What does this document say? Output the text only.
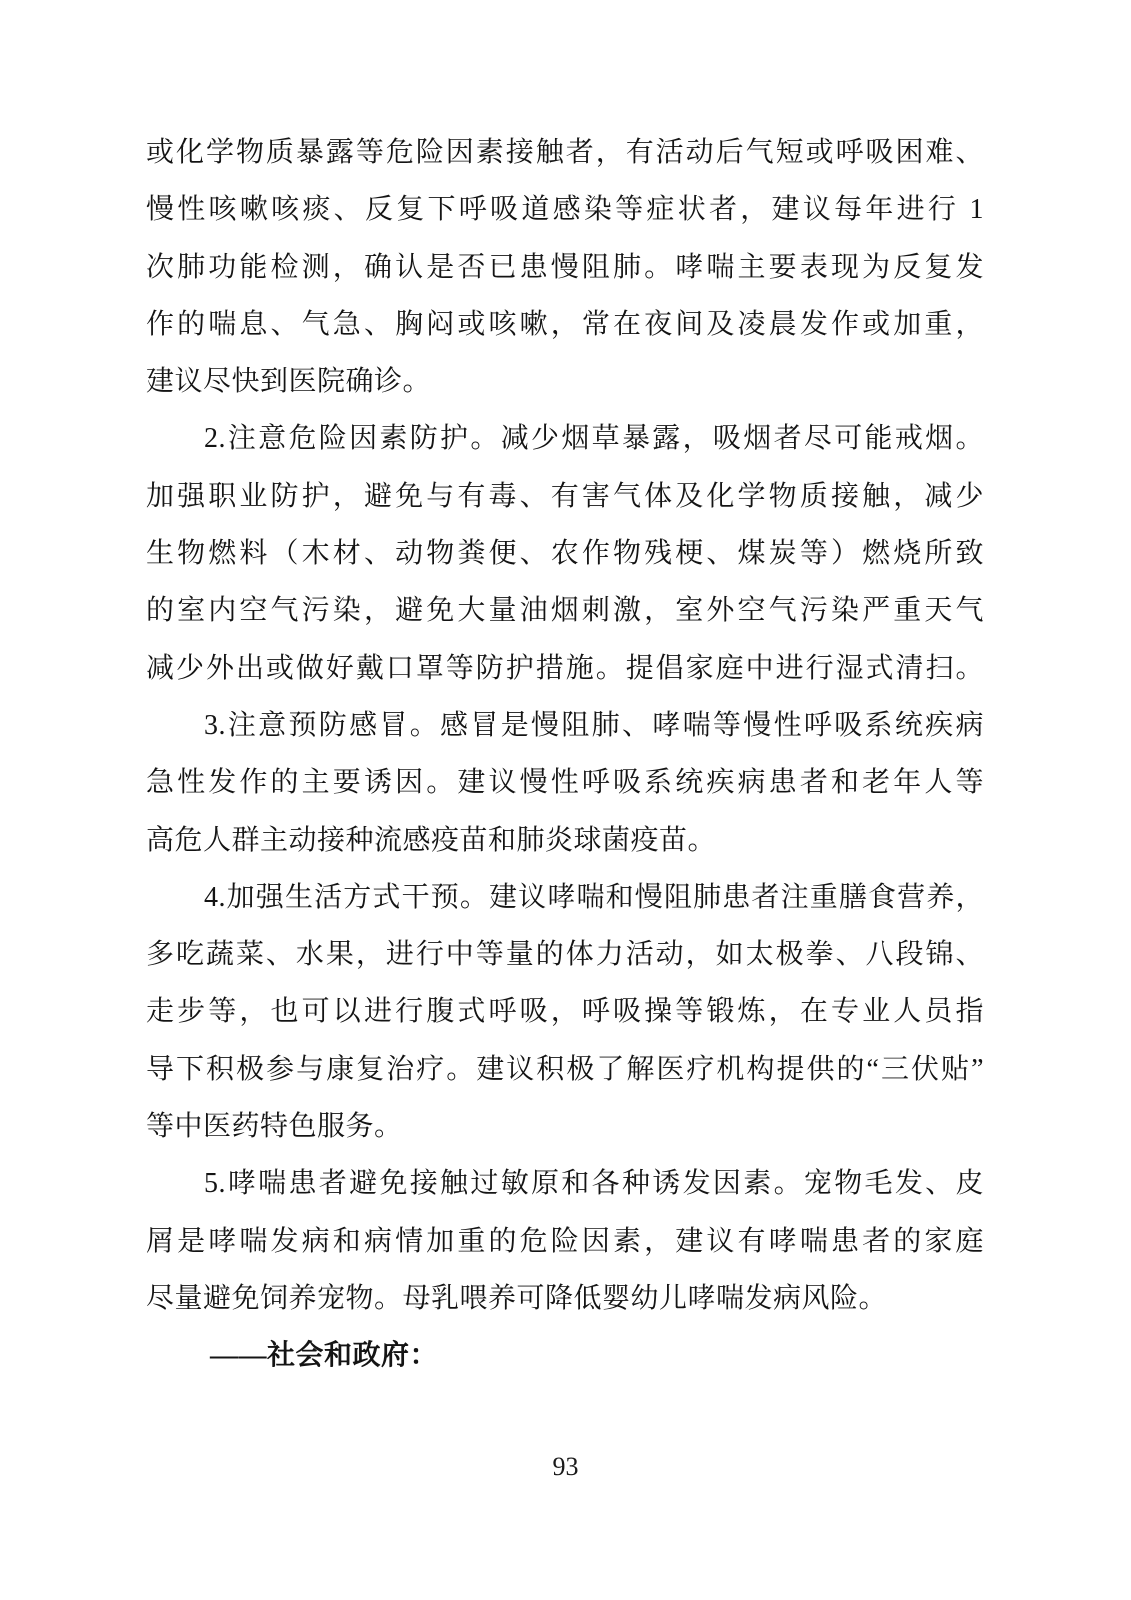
或化学物质暴露等危险因素接触者，有活动后气短或呼吸困难、
慢性咳嗽咳痰、反复下呼吸道感染等症状者，建议每年进行 1
次肺功能检测，确认是否已患慢阻肺。哮喘主要表现为反复发
作的喘息、气急、胸闷或咳嗽，常在夜间及凌晨发作或加重，
建议尽快到医院确诊。
2.注意危险因素防护。减少烟草暴露，吸烟者尽可能戒烟。
加强职业防护，避免与有毒、有害气体及化学物质接触，减少
生物燃料（木材、动物粪便、农作物残梗、煤炭等）燃烧所致
的室内空气污染，避免大量油烟刺激，室外空气污染严重天气
减少外出或做好戴口罩等防护措施。提倡家庭中进行湿式清扫。
3.注意预防感冒。感冒是慢阻肺、哮喘等慢性呼吸系统疾病
急性发作的主要诱因。建议慢性呼吸系统疾病患者和老年人等
高危人群主动接种流感疫苗和肺炎球菌疫苗。
4.加强生活方式干预。建议哮喘和慢阻肺患者注重膳食营养，
多吃蔬菜、水果，进行中等量的体力活动，如太极拳、八段锦、
走步等，也可以进行腹式呼吸，呼吸操等锻炼，在专业人员指
导下积极参与康复治疗。建议积极了解医疗机构提供的“三伏贴”
等中医药特色服务。
5.哮喘患者避免接触过敏原和各种诱发因素。宠物毛发、皮
屑是哮喘发病和病情加重的危险因素，建议有哮喘患者的家庭
尽量避免饲养宠物。母乳喂养可降低婴幼儿哮喘发病风险。
——社会和政府：
93
